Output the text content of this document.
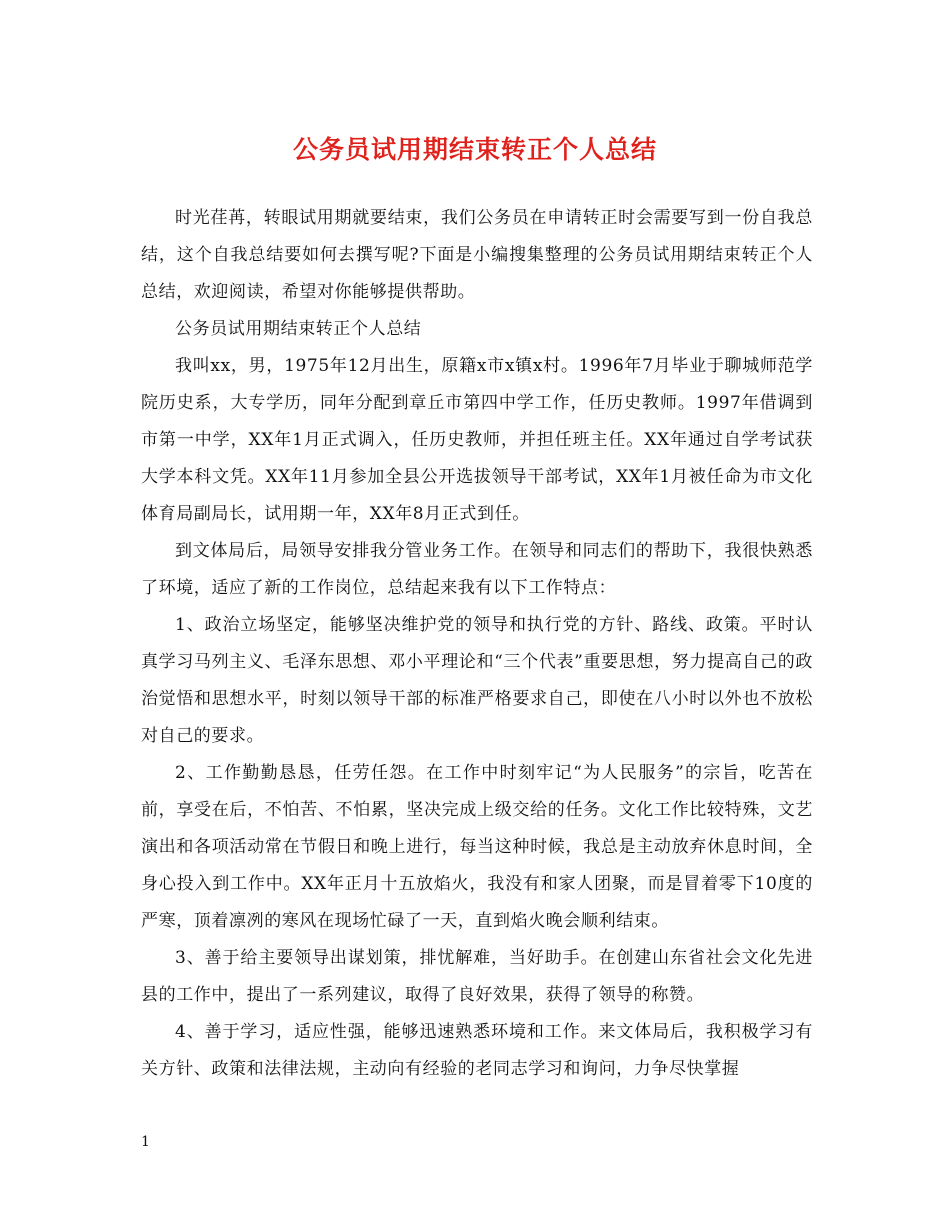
公务员试用期结束转正个人总结

时光荏苒，转眼试用期就要结束，我们公务员在申请转正时会需要写到一份自我总结，这个自我总结要如何去撰写呢?下面是小编搜集整理的公务员试用期结束转正个人总结，欢迎阅读，希望对你能够提供帮助。

公务员试用期结束转正个人总结

我叫xx，男，1975年12月出生，原籍x市x镇x村。1996年7月毕业于聊城师范学院历史系，大专学历，同年分配到章丘市第四中学工作，任历史教师。1997年借调到市第一中学，XX年1月正式调入，任历史教师，并担任班主任。XX年通过自学考试获大学本科文凭。XX年11月参加全县公开选拔领导干部考试，XX年1月被任命为市文化体育局副局长，试用期一年，XX年8月正式到任。

到文体局后，局领导安排我分管业务工作。在领导和同志们的帮助下，我很快熟悉了环境，适应了新的工作岗位，总结起来我有以下工作特点：

1、政治立场坚定，能够坚决维护党的领导和执行党的方针、路线、政策。平时认真学习马列主义、毛泽东思想、邓小平理论和“三个代表”重要思想，努力提高自己的政治觉悟和思想水平，时刻以领导干部的标准严格要求自己，即使在八小时以外也不放松对自己的要求。

2、工作勤勤恳恳，任劳任怨。在工作中时刻牢记“为人民服务”的宗旨，吃苦在前，享受在后，不怕苦、不怕累，坚决完成上级交给的任务。文化工作比较特殊，文艺演出和各项活动常在节假日和晚上进行，每当这种时候，我总是主动放弃休息时间，全身心投入到工作中。XX年正月十五放焰火，我没有和家人团聚，而是冒着零下10度的严寒，顶着凛冽的寒风在现场忙碌了一天，直到焰火晚会顺利结束。

3、善于给主要领导出谋划策，排忧解难，当好助手。在创建山东省社会文化先进县的工作中，提出了一系列建议，取得了良好效果，获得了领导的称赞。

4、善于学习，适应性强，能够迅速熟悉环境和工作。来文体局后，我积极学习有关方针、政策和法律法规，主动向有经验的老同志学习和询问，力争尽快掌握

1
